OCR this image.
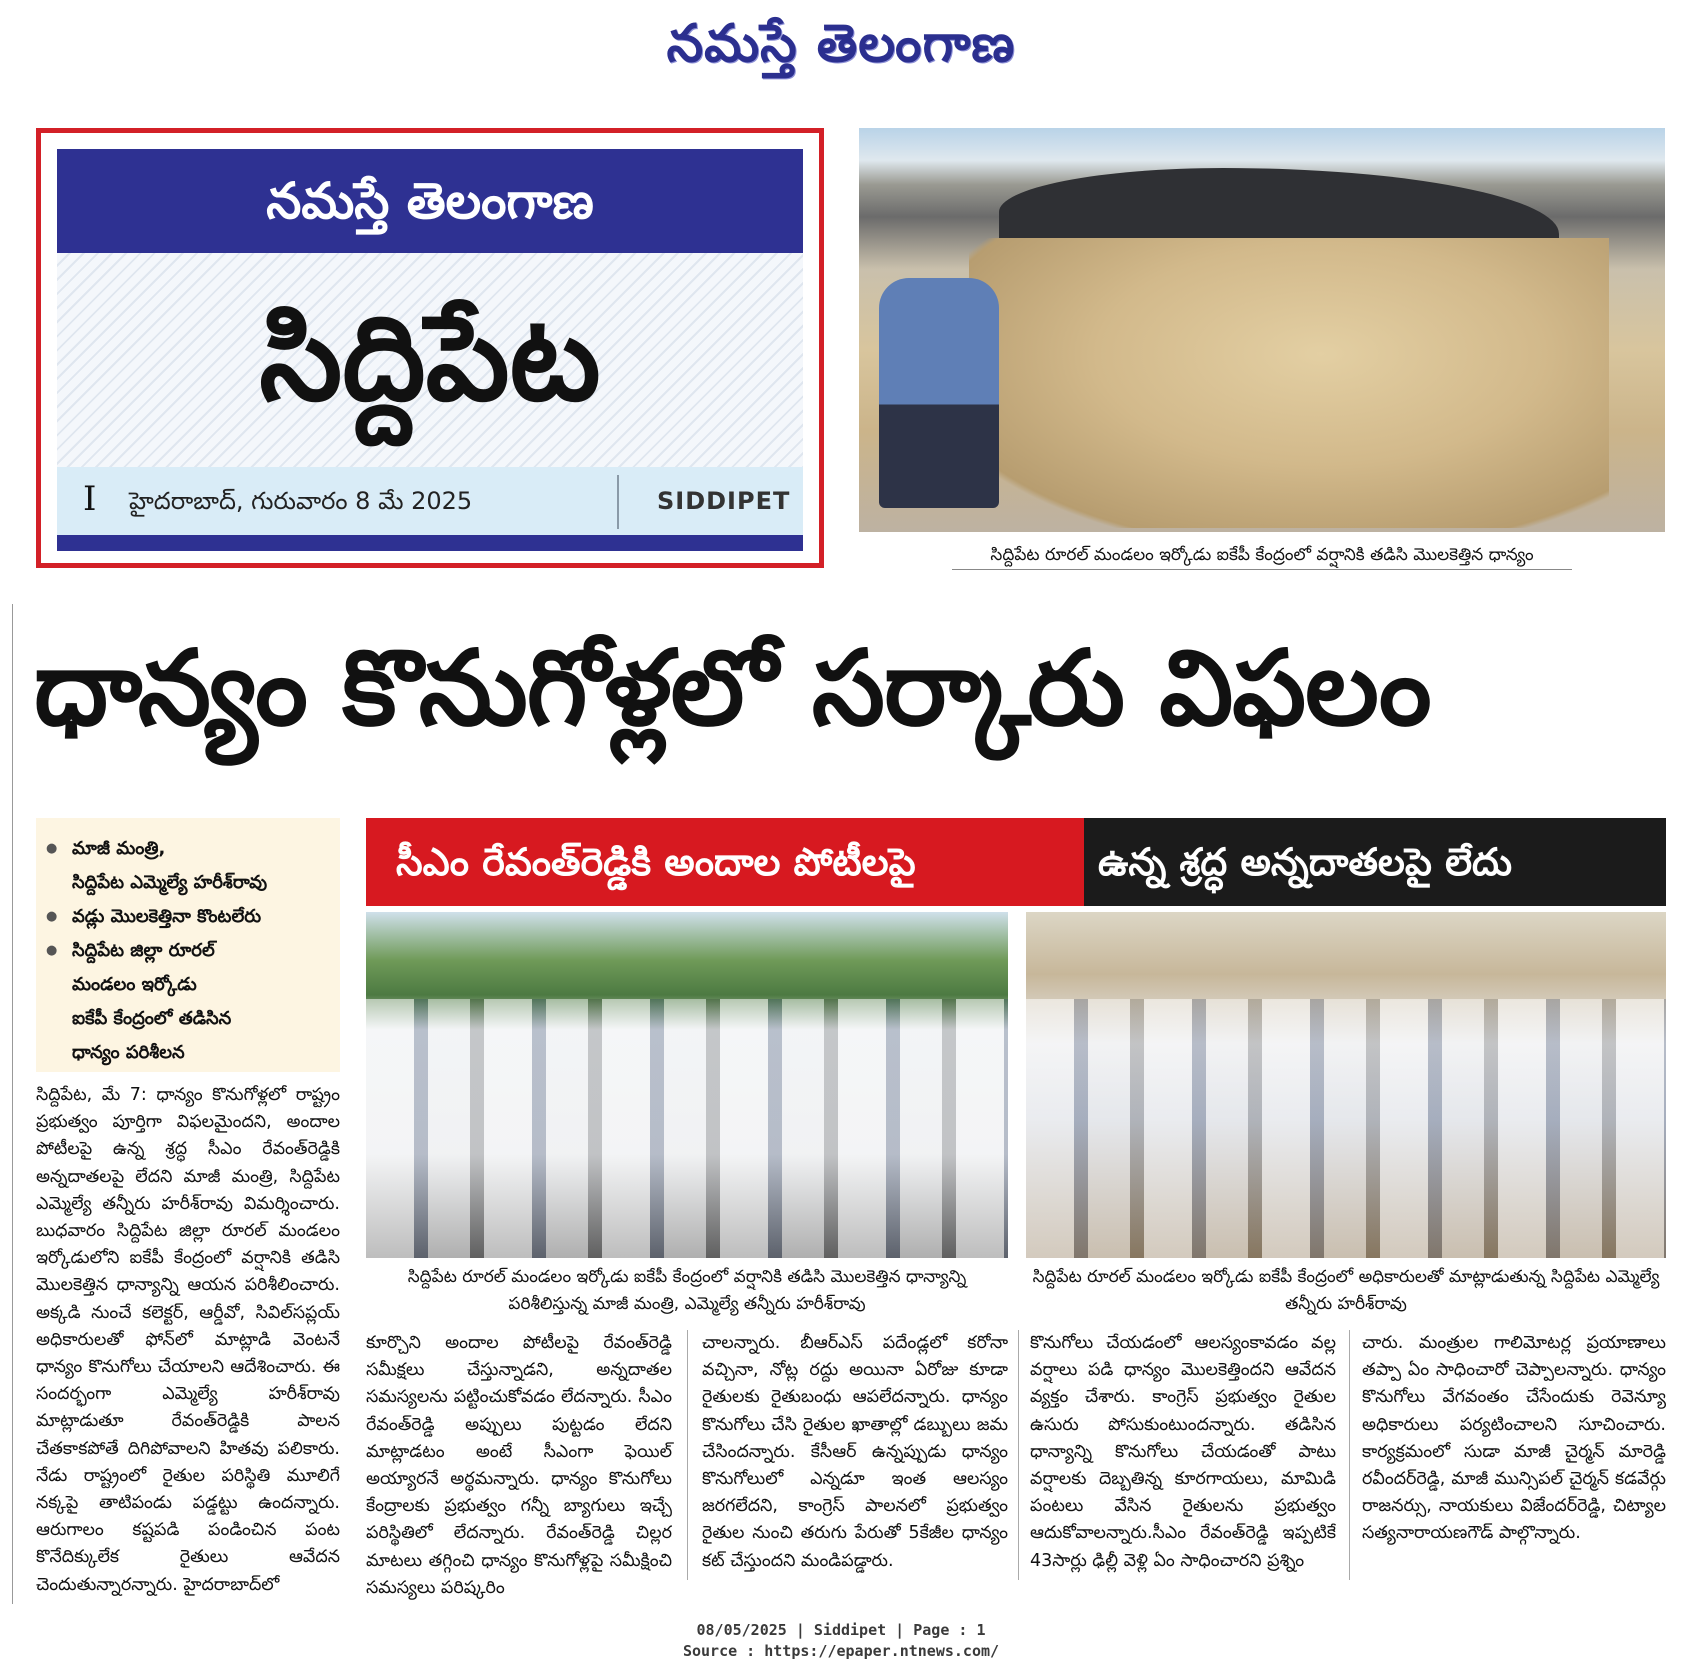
నమస్తే తెలంగాణ
నమస్తే తెలంగాణ
సిద్దిపేట
I హైదరాబాద్, గురువారం 8 మే 2025	SIDDIPET
సిద్దిపేట రూరల్ మండలం ఇర్కోడు ఐకేపీ కేంద్రంలో వర్షానికి తడిసి మొలకెత్తిన ధాన్యం
ధాన్యం కొనుగోళ్లలో సర్కారు విఫలం
● మాజీ మంత్రి,
సిద్దిపేట ఎమ్మెల్యే హరీశ్‌రావు
● వడ్లు మొలకెత్తినా కొంటలేరు
● సిద్దిపేట జిల్లా రూరల్
మండలం ఇర్కోడు
ఐకేపీ కేంద్రంలో తడిసిన
ధాన్యం పరిశీలన
సీఎం రేవంత్‌రెడ్డికి అందాల పోటీలపై	ఉన్న శ్రద్ధ అన్నదాతలపై లేదు
సిద్దిపేట రూరల్ మండలం ఇర్కోడు ఐకేపీ కేంద్రంలో వర్షానికి తడిసి మొలకెత్తిన ధాన్యాన్ని పరిశీలిస్తున్న మాజీ మంత్రి, ఎమ్మెల్యే తన్నీరు హరీశ్‌రావు
సిద్దిపేట రూరల్ మండలం ఇర్కోడు ఐకేపీ కేంద్రంలో అధికారులతో మాట్లాడుతున్న సిద్దిపేట ఎమ్మెల్యే తన్నీరు హరీశ్‌రావు
సిద్దిపేట, మే 7: ధాన్యం కొనుగోళ్లలో రాష్ట్రం ప్రభుత్వం పూర్తిగా విఫలమైందని, అందాల పోటీలపై ఉన్న శ్రద్ధ సీఎం రేవంత్‌రెడ్డికి అన్నదాతలపై లేదని మాజీ మంత్రి, సిద్దిపేట ఎమ్మెల్యే తన్నీరు హరీశ్‌రావు విమర్శించారు. బుధవారం సిద్దిపేట జిల్లా రూరల్ మండలం ఇర్కోడులోని ఐకేపీ కేంద్రంలో వర్షానికి తడిసి మొలకెత్తిన ధాన్యాన్ని ఆయన పరిశీలించారు. అక్కడి నుంచే కలెక్టర్, ఆర్డీవో, సివిల్‌సప్లయ్ అధికారులతో ఫోన్‌లో మాట్లాడి వెంటనే ధాన్యం కొనుగోలు చేయాలని ఆదేశించారు. ఈ సందర్భంగా ఎమ్మెల్యే హరీశ్‌రావు మాట్లాడుతూ రేవంత్‌రెడ్డికి పాలన చేతకాకపోతే దిగిపోవాలని హితవు పలికారు. నేడు రాష్ట్రంలో రైతుల పరిస్థితి మూలిగే నక్కపై తాటిపండు పడ్డట్టు ఉందన్నారు. ఆరుగాలం కష్టపడి పండించిన పంట కొనేదిక్కులేక రైతులు ఆవేదన చెందుతున్నారన్నారు. హైదరాబాద్‌లో
కూర్చొని అందాల పోటీలపై రేవంత్‌రెడ్డి సమీక్షలు చేస్తున్నాడని, అన్నదాతల సమస్యలను పట్టించుకోవడం లేదన్నారు. సీఎం రేవంత్‌రెడ్డి అప్పులు పుట్టడం లేదని మాట్లాడటం అంటే సీఎంగా ఫెయిల్ అయ్యారనే అర్థమన్నారు. ధాన్యం కొనుగోలు కేంద్రాలకు ప్రభుత్వం గన్నీ బ్యాగులు ఇచ్చే పరిస్థితిలో లేదన్నారు. రేవంత్‌రెడ్డి చిల్లర మాటలు తగ్గించి ధాన్యం కొనుగోళ్లపై సమీక్షించి సమస్యలు పరిష్కరిం
చాలన్నారు. బీఆర్‌ఎస్ పదేండ్లలో కరోనా వచ్చినా, నోట్ల రద్దు అయినా ఏరోజు కూడా రైతులకు రైతుబంధు ఆపలేదన్నారు. ధాన్యం కొనుగోలు చేసి రైతుల ఖాతాల్లో డబ్బులు జమ చేసిందన్నారు. కేసీఆర్ ఉన్నప్పుడు ధాన్యం కొనుగోలులో ఎన్నడూ ఇంత ఆలస్యం జరగలేదని, కాంగ్రెస్ పాలనలో ప్రభుత్వం రైతుల నుంచి తరుగు పేరుతో 5కేజీల ధాన్యం కట్ చేస్తుందని మండిపడ్డారు.
కొనుగోలు చేయడంలో ఆలస్యంకావడం వల్ల వర్షాలు పడి ధాన్యం మొలకెత్తిందని ఆవేదన వ్యక్తం చేశారు. కాంగ్రెస్ ప్రభుత్వం రైతుల ఉసురు పోసుకుంటుందన్నారు. తడిసిన ధాన్యాన్ని కొనుగోలు చేయడంతో పాటు వర్షాలకు దెబ్బతిన్న కూరగాయలు, మామిడి పంటలు వేసిన రైతులను ప్రభుత్వం ఆదుకోవాలన్నారు.సీఎం రేవంత్‌రెడ్డి ఇప్పటికే 43సార్లు ఢిల్లీ వెళ్లి ఏం సాధించారని ప్రశ్నిం
చారు. మంత్రుల గాలిమోటర్ల ప్రయాణాలు తప్పా ఏం సాధించారో చెప్పాలన్నారు. ధాన్యం కొనుగోలు వేగవంతం చేసేందుకు రెవెన్యూ అధికారులు పర్యటించాలని సూచించారు. కార్యక్రమంలో సుడా మాజీ చైర్మన్ మారెడ్డి రవీందర్‌రెడ్డి, మాజీ మున్సిపల్ చైర్మన్ కడవేర్గు రాజనర్సు, నాయకులు విజేందర్‌రెడ్డి, చిట్యాల సత్యనారాయణగౌడ్ పాల్గొన్నారు.
08/05/2025 | Siddipet | Page : 1
Source : https://epaper.ntnews.com/
